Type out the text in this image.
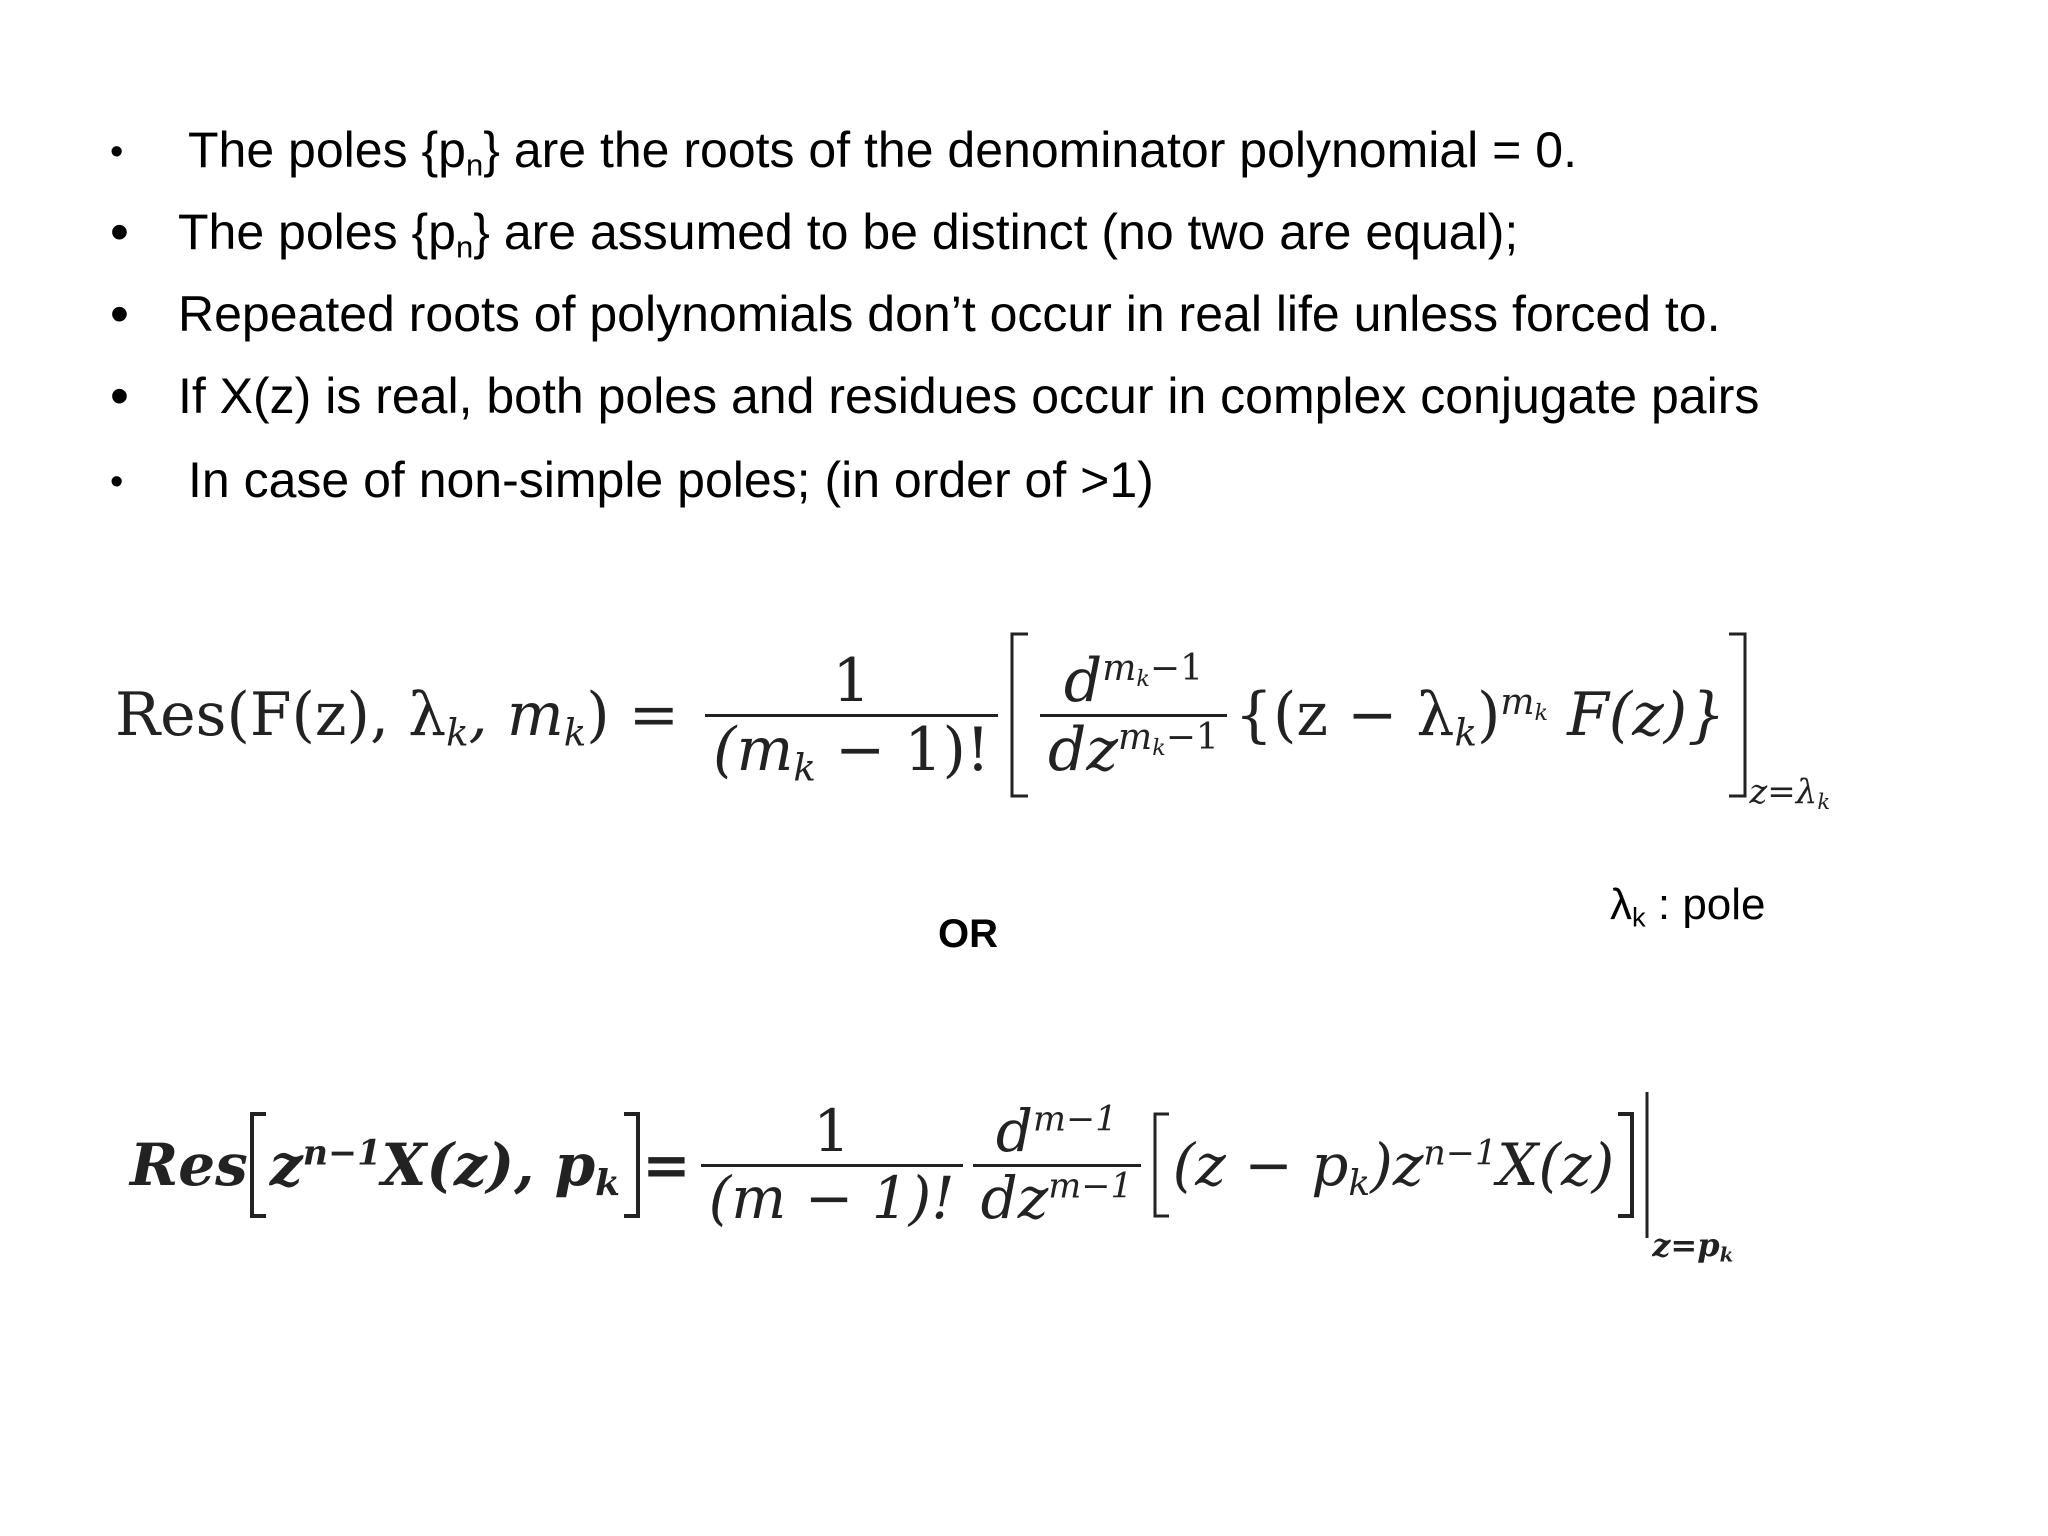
•	The poles $\{p_n\}$ are the roots of the denominator polynomial = 0.
• The poles $\{p_n\}$ are assumed to be distinct (no two are equal);
• Repeated roots of polynomials don’t occur in real life unless forced to.
• If X(z) is real, both poles and residues occur in complex conjugate pairs
•	In case of non-simple poles; (in order of >1)
Res(F(z), $\lambda_k$, $m_k) = \frac{1}{(m_k - 1)!} \frac{d^{m_k-1}}{dz^{m_k-1}} \{(z - \lambda_k)^{m_k}$ F(z)}
$z=\lambda_k$
$\lambda_k$ : pole
OR
Res $z^{n-1}X(z)$, $p_k = \frac{1}{(m - 1)!} \frac{d^{m-1}}{dz^{m-1}} (z - p_k)z^{n-1}X(z)$
$z=p_k$
